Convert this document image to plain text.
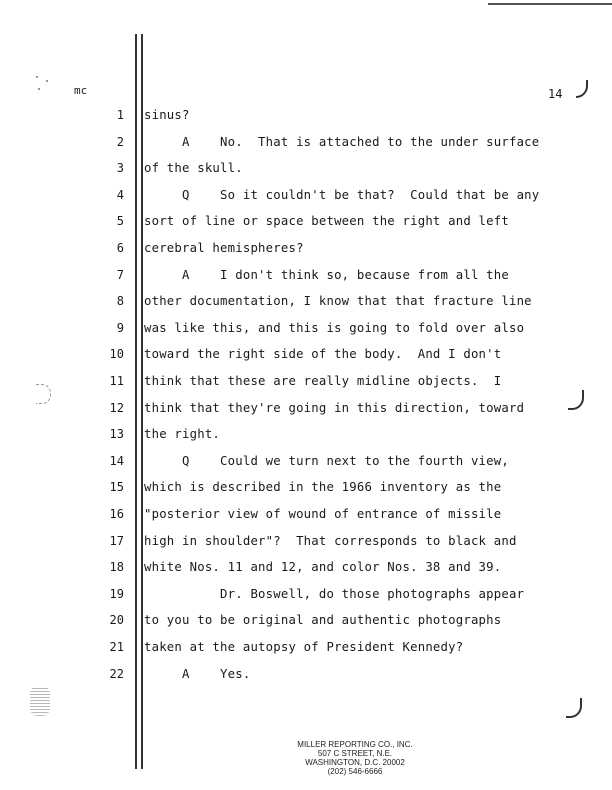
mc	14
1 sinus?
2 A    No.  That is attached to the under surface
3 of the skull.
4 Q    So it couldn't be that?  Could that be any
5 sort of line or space between the right and left
6 cerebral hemispheres?
7 A    I don't think so, because from all the
8 other documentation, I know that that fracture line
9 was like this, and this is going to fold over also
10 toward the right side of the body.  And I don't
11 think that these are really midline objects.  I
12 think that they're going in this direction, toward
13 the right.
14 Q    Could we turn next to the fourth view,
15 which is described in the 1966 inventory as the
16 "posterior view of wound of entrance of missile
17 high in shoulder"?  That corresponds to black and
18 white Nos. 11 and 12, and color Nos. 38 and 39.
19 Dr. Boswell, do those photographs appear
20 to you to be original and authentic photographs
21 taken at the autopsy of President Kennedy?
22 A    Yes.
MILLER REPORTING CO., INC.
507 C STREET, N.E.
WASHINGTON, D.C. 20002
(202) 546-6666
